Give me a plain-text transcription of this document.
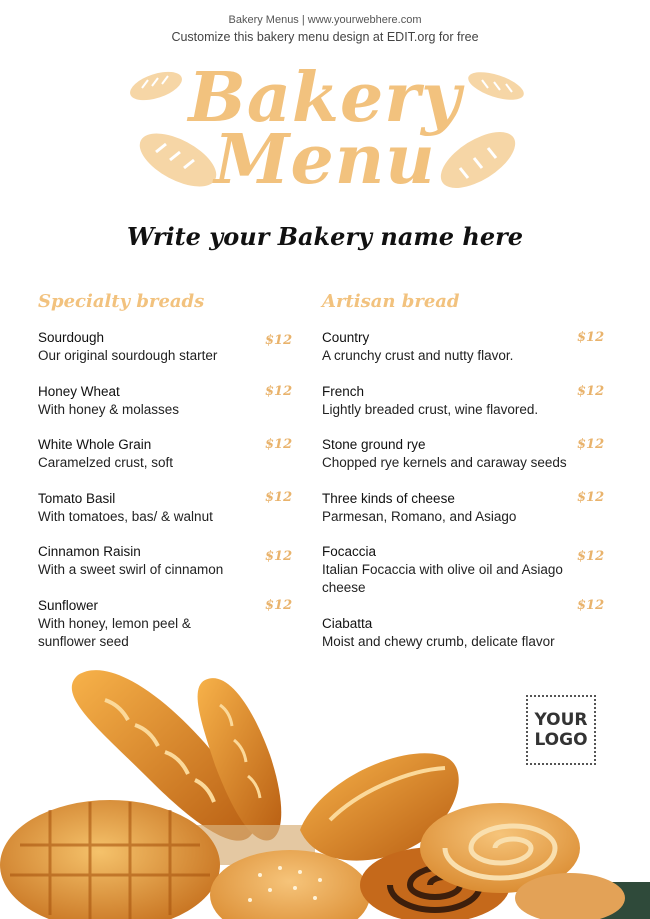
Bakery Menus | www.yourwebhere.com
Customize this bakery menu design at EDIT.org for free
Bakery
Menu
Write your Bakery name here
Specialty breads
Sourdough
Our original sourdough starter
$12
Honey Wheat
With honey & molasses
$12
White Whole Grain
Caramelzed crust, soft
$12
Tomato Basil
With tomatoes, bas/ & walnut
$12
Cinnamon Raisin
With a sweet swirl of cinnamon
$12
Sunflower
With honey, lemon peel &
sunflower seed
$12
Artisan bread
Country
A crunchy crust and nutty flavor.
$12
French
Lightly breaded crust, wine flavored.
$12
Stone ground rye
Chopped rye kernels and caraway seeds
$12
Three kinds of cheese
Parmesan, Romano, and Asiago
$12
Focaccia
Italian Focaccia with olive oil and Asiago
cheese
$12
Ciabatta
Moist and chewy crumb, delicate flavor
$12
YOUR
LOGO
